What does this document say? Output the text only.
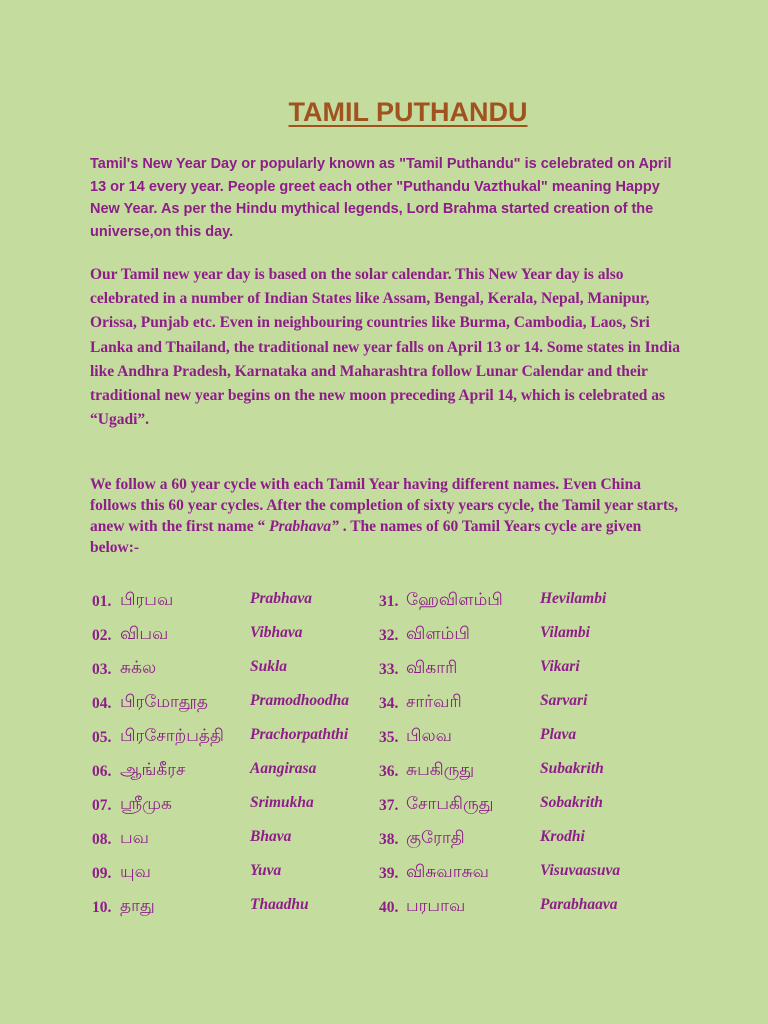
TAMIL PUTHANDU

Tamil's New Year Day or popularly known as "Tamil Puthandu" is celebrated on April 13 or 14 every year. People greet each other "Puthandu Vazthukal" meaning Happy New Year. As per the Hindu mythical legends, Lord Brahma started creation of the universe,on this day.

Our Tamil new year day is based on the solar calendar. This New Year day is also celebrated in a number of Indian States like Assam, Bengal, Kerala, Nepal, Manipur, Orissa, Punjab etc. Even in neighbouring countries like Burma, Cambodia, Laos, Sri Lanka and Thailand, the traditional new year falls on April 13 or 14. Some states in India like Andhra Pradesh, Karnataka and Maharashtra follow Lunar Calendar and their traditional new year begins on the new moon preceding April 14, which is celebrated as “Ugadi”.

We follow a 60 year cycle with each Tamil Year having different names. Even China follows this 60 year cycles. After the completion of sixty years cycle, the Tamil year starts, anew with the first name “ Prabhava” . The names of 60 Tamil Years cycle are given below:-

01. பிரபவ	Prabhava
02. விபவ	Vibhava
03. சுக்ல	Sukla
04. பிரமோதூத	Pramodhoodha
05. பிரசோற்பத்தி Prachorpaththi
06. ஆங்கீரச	Aangirasa
07. ஸ்ரீமுக	Srimukha
08. பவ	Bhava
09. யுவ	Yuva
10. தாது	Thaadhu
31. ஹேவிளம்பி Hevilambi
32. விளம்பி	Vilambi
33. விகாரி	Vikari
34. சார்வரி	Sarvari
35. பிலவ	Plava
36. சுபகிருது	Subakrith
37. சோபகிருது	Sobakrith
38. குரோதி	Krodhi
39. விசுவாசுவ	Visuvaasuva
40. பரபாவ	Parabhaava
